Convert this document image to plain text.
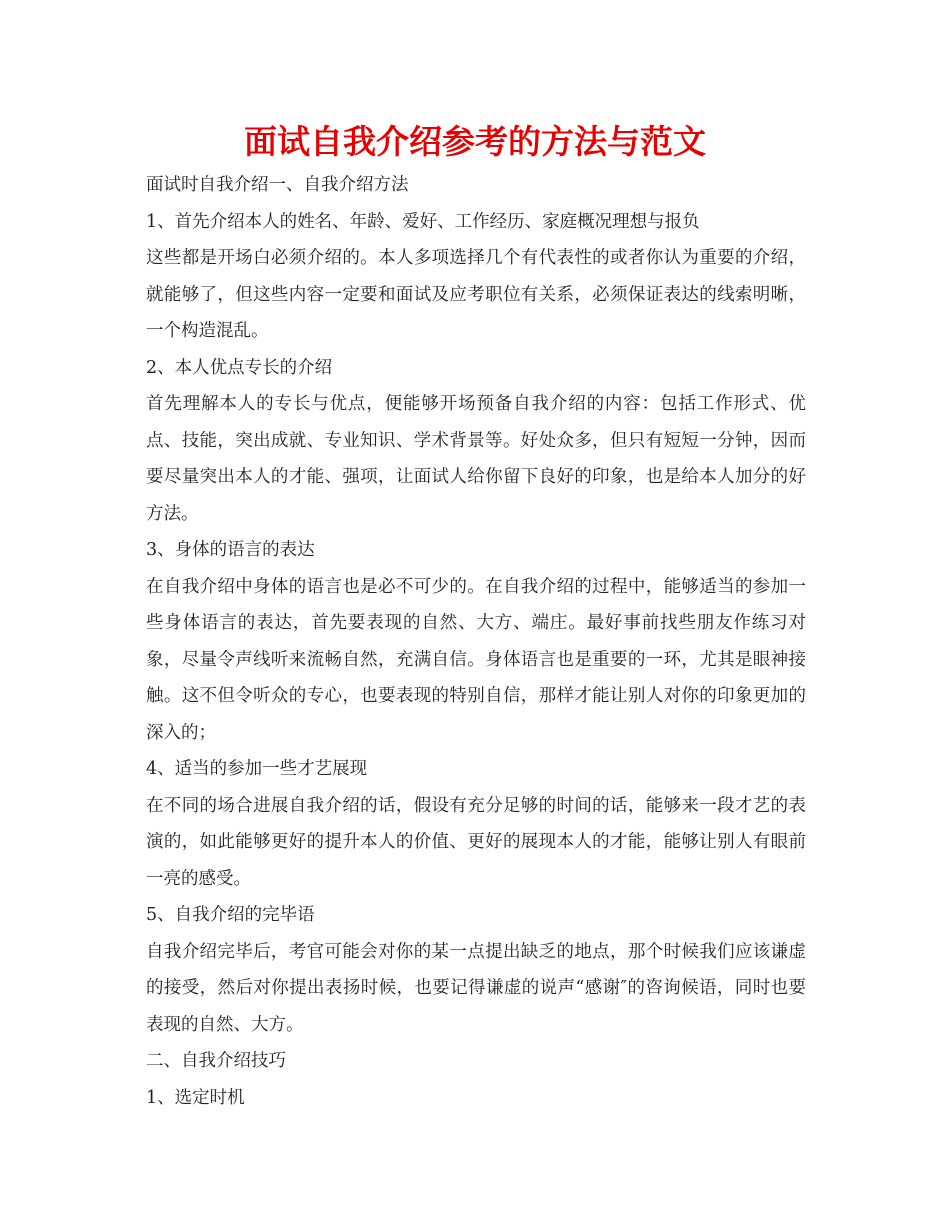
面试自我介绍参考的方法与范文

面试时自我介绍一、自我介绍方法

1、首先介绍本人的姓名、年龄、爱好、工作经历、家庭概况理想与报负

这些都是开场白必须介绍的。本人多项选择几个有代表性的或者你认为重要的介绍，就能够了，但这些内容一定要和面试及应考职位有关系，必须保证表达的线索明晰，一个构造混乱。

2、本人优点专长的介绍

首先理解本人的专长与优点，便能够开场预备自我介绍的内容：包括工作形式、优点、技能，突出成就、专业知识、学术背景等。好处众多，但只有短短一分钟，因而要尽量突出本人的才能、强项，让面试人给你留下良好的印象，也是给本人加分的好方法。

3、身体的语言的表达

在自我介绍中身体的语言也是必不可少的。在自我介绍的过程中，能够适当的参加一些身体语言的表达，首先要表现的自然、大方、端庄。最好事前找些朋友作练习对象，尽量令声线听来流畅自然，充满自信。身体语言也是重要的一环，尤其是眼神接触。这不但令听众的专心，也要表现的特别自信，那样才能让别人对你的印象更加的深入的；

4、适当的参加一些才艺展现

在不同的场合进展自我介绍的话，假设有充分足够的时间的话，能够来一段才艺的表演的，如此能够更好的提升本人的价值、更好的展现本人的才能，能够让别人有眼前一亮的感受。

5、自我介绍的完毕语

自我介绍完毕后，考官可能会对你的某一点提出缺乏的地点，那个时候我们应该谦虚的接受，然后对你提出表扬时候，也要记得谦虚的说声“感谢″的咨询候语，同时也要表现的自然、大方。

二、自我介绍技巧

1、选定时机
